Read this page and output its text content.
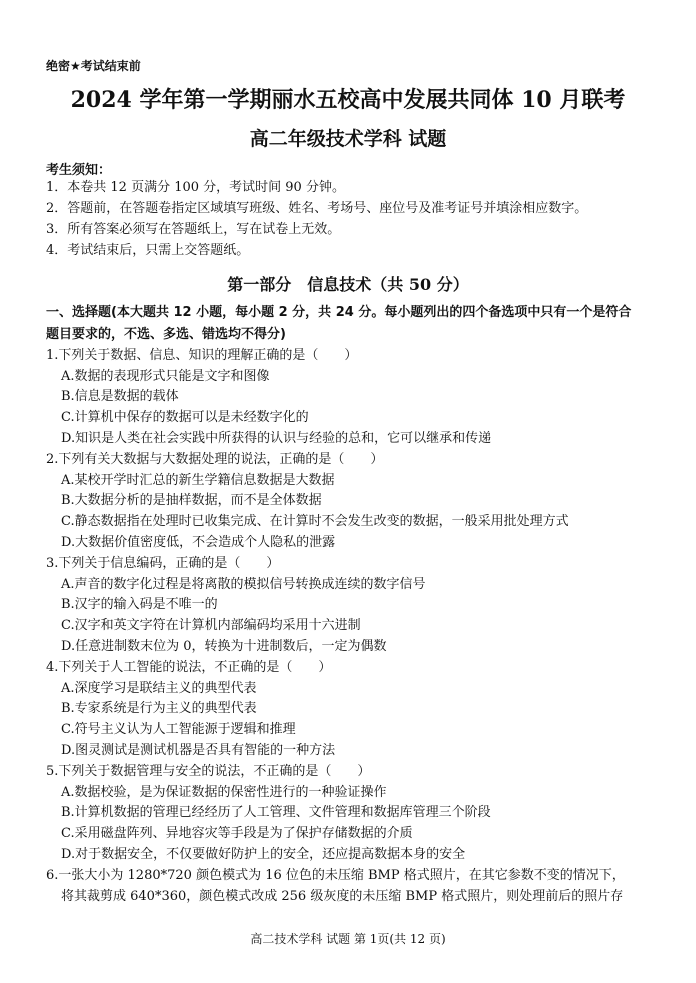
绝密★考试结束前
2024 学年第一学期丽水五校高中发展共同体 10 月联考
高二年级技术学科 试题
考生须知：
1．本卷共 12 页满分 100 分，考试时间 90 分钟。
2．答题前，在答题卷指定区域填写班级、姓名、考场号、座位号及准考证号并填涂相应数字。
3．所有答案必须写在答题纸上，写在试卷上无效。
4．考试结束后，只需上交答题纸。
第一部分　信息技术（共 50 分）
一、选择题(本大题共 12 小题，每小题 2 分，共 24 分。每小题列出的四个备选项中只有一个是符合
题目要求的，不选、多选、错选均不得分)
1.下列关于数据、信息、知识的理解正确的是（　　）
A.数据的表现形式只能是文字和图像
B.信息是数据的载体
C.计算机中保存的数据可以是未经数字化的
D.知识是人类在社会实践中所获得的认识与经验的总和，它可以继承和传递
2.下列有关大数据与大数据处理的说法，正确的是（　　）
A.某校开学时汇总的新生学籍信息数据是大数据
B.大数据分析的是抽样数据，而不是全体数据
C.静态数据指在处理时已收集完成、在计算时不会发生改变的数据，一般采用批处理方式
D.大数据价值密度低，不会造成个人隐私的泄露
3.下列关于信息编码，正确的是（　　）
A.声音的数字化过程是将离散的模拟信号转换成连续的数字信号
B.汉字的输入码是不唯一的
C.汉字和英文字符在计算机内部编码均采用十六进制
D.任意进制数末位为 0，转换为十进制数后，一定为偶数
4.下列关于人工智能的说法，不正确的是（　　）
A.深度学习是联结主义的典型代表
B.专家系统是行为主义的典型代表
C.符号主义认为人工智能源于逻辑和推理
D.图灵测试是测试机器是否具有智能的一种方法
5.下列关于数据管理与安全的说法，不正确的是（　　）
A.数据校验，是为保证数据的保密性进行的一种验证操作
B.计算机数据的管理已经经历了人工管理、文件管理和数据库管理三个阶段
C.采用磁盘阵列、异地容灾等手段是为了保护存储数据的介质
D.对于数据安全，不仅要做好防护上的安全，还应提高数据本身的安全
6.一张大小为 1280*720 颜色模式为 16 位色的未压缩 BMP 格式照片，在其它参数不变的情况下，
将其裁剪成 640*360，颜色模式改成 256 级灰度的未压缩 BMP 格式照片，则处理前后的照片存
高二技术学科 试题 第 1页(共 12 页)
